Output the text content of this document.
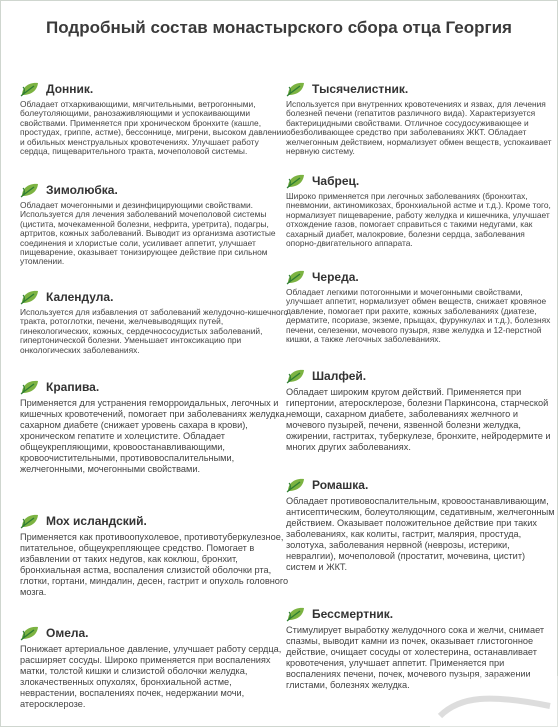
Подробный состав монастырского сбора отца Георгия
Донник.
Обладает отхаркивающими, мягчительными, ветрогонными, болеутоляющими, ранозаживляющими и успокаивающими свойствами. Применяется при хроническом бронхите (кашле, простудах, гриппе, астме), бессоннице, мигрени, высоком давлении и обильных менструальных кровотечениях. Улучшает работу сердца, пищеварительного тракта, мочеполовой системы.
Зимолюбка.
Обладает мочегонными и дезинфицирующими свойствами. Используется для лечения заболеваний мочеполовой системы (цистита, мочекаменной болезни, нефрита, уретрита), подагры, артритов, кожных заболеваний. Выводит из организма азотистые соединения и хлористые соли, усиливает аппетит, улучшает пищеварение, оказывает тонизирующее действие при сильном утомлении.
Календула.
Используется для избавления от заболеваний желудочно-кишечного тракта, ротоглотки, печени, желчевыводящих путей, гинекологических, кожных, сердечнососудистых заболеваний, гипертонической болезни. Уменьшает интоксикацию при онкологических заболеваниях.
Крапива.
Применяется для устранения геморроидальных, легочных и кишечных кровотечений, помогает при заболеваниях желудка, сахарном диабете (снижает уровень сахара в крови), хроническом гепатите и холецистите. Обладает общеукрепляющими, кровоостанавливающими, кровоочистительными, противовоспалительными, желчегонными, мочегонными свойствами.
Мох исландский.
Применяется как противоопухолевое, противотуберкулезное, питательное, общеукрепляющее средство. Помогает в избавлении от таких недугов, как коклюш, бронхит, бронхиальная астма, воспаления слизистой оболочки рта, глотки, гортани, миндалин, десен, гастрит и опухоль головного мозга.
Омела.
Понижает артериальное давление, улучшает работу сердца, расширяет сосуды. Широко применяется при воспалениях матки, толстой кишки и слизистой оболочки желудка, злокачественных опухолях, бронхиальной астме, неврастении, воспалениях почек, недержании мочи, атеросклерозе.
Тысячелистник.
Используется при внутренних кровотечениях и язвах, для лечения болезней печени (гепатитов различного вида). Характеризуется бактерицидными свойствами. Отличное сосудосуживающее и обезболивающее средство при заболеваниях ЖКТ. Обладает желчегонным действием, нормализует обмен веществ, успокаивает нервную систему.
Чабрец.
Широко применяется при легочных заболеваниях (бронхитах, пневмонии, актиномикозах, бронхиальной астме и т.д.). Кроме того, нормализует пищеварение, работу желудка и кишечника, улучшает отхождение газов, помогает справиться с такими недугами, как сахарный диабет, малокровие, болезни сердца, заболевания опорно-двигательного аппарата.
Череда.
Обладает легкими потогонными и мочегонными свойствами, улучшает аппетит, нормализует обмен веществ, снижает кровяное давление, помогает при рахите, кожных заболеваниях (диатезе, дерматите, псориазе, экземе, прыщах, фурункулах и т.д.), болезнях печени, селезенки, мочевого пузыря, язве желудка и 12-перстной кишки, а также легочных заболеваниях.
Шалфей.
Обладает широким кругом действий. Применяется при гипертонии, атеросклерозе, болезни Паркинсона, старческой немощи, сахарном диабете, заболеваниях желчного и мочевого пузырей, печени, язвенной болезни желудка, ожирении, гастритах, туберкулезе, бронхите, нейродермите и многих других заболеваниях.
Ромашка.
Обладает противовоспалительным, кровоостанавливающим, антисептическим, болеутоляющим, седативным, желчегонным действием. Оказывает положительное действие при таких заболеваниях, как колиты, гастрит, малярия, простуда, золотуха, заболевания нервной (неврозы, истерики, невралгии), мочеполовой (простатит, мочевина, цистит) систем и ЖКТ.
Бессмертник.
Стимулирует выработку желудочного сока и желчи, снимает спазмы, выводит камни из почек, оказывает глистогонное действие, очищает сосуды от холестерина, останавливает кровотечения, улучшает аппетит. Применяется при воспалениях печени, почек, мочевого пузыря, заражении глистами, болезнях желудка.
